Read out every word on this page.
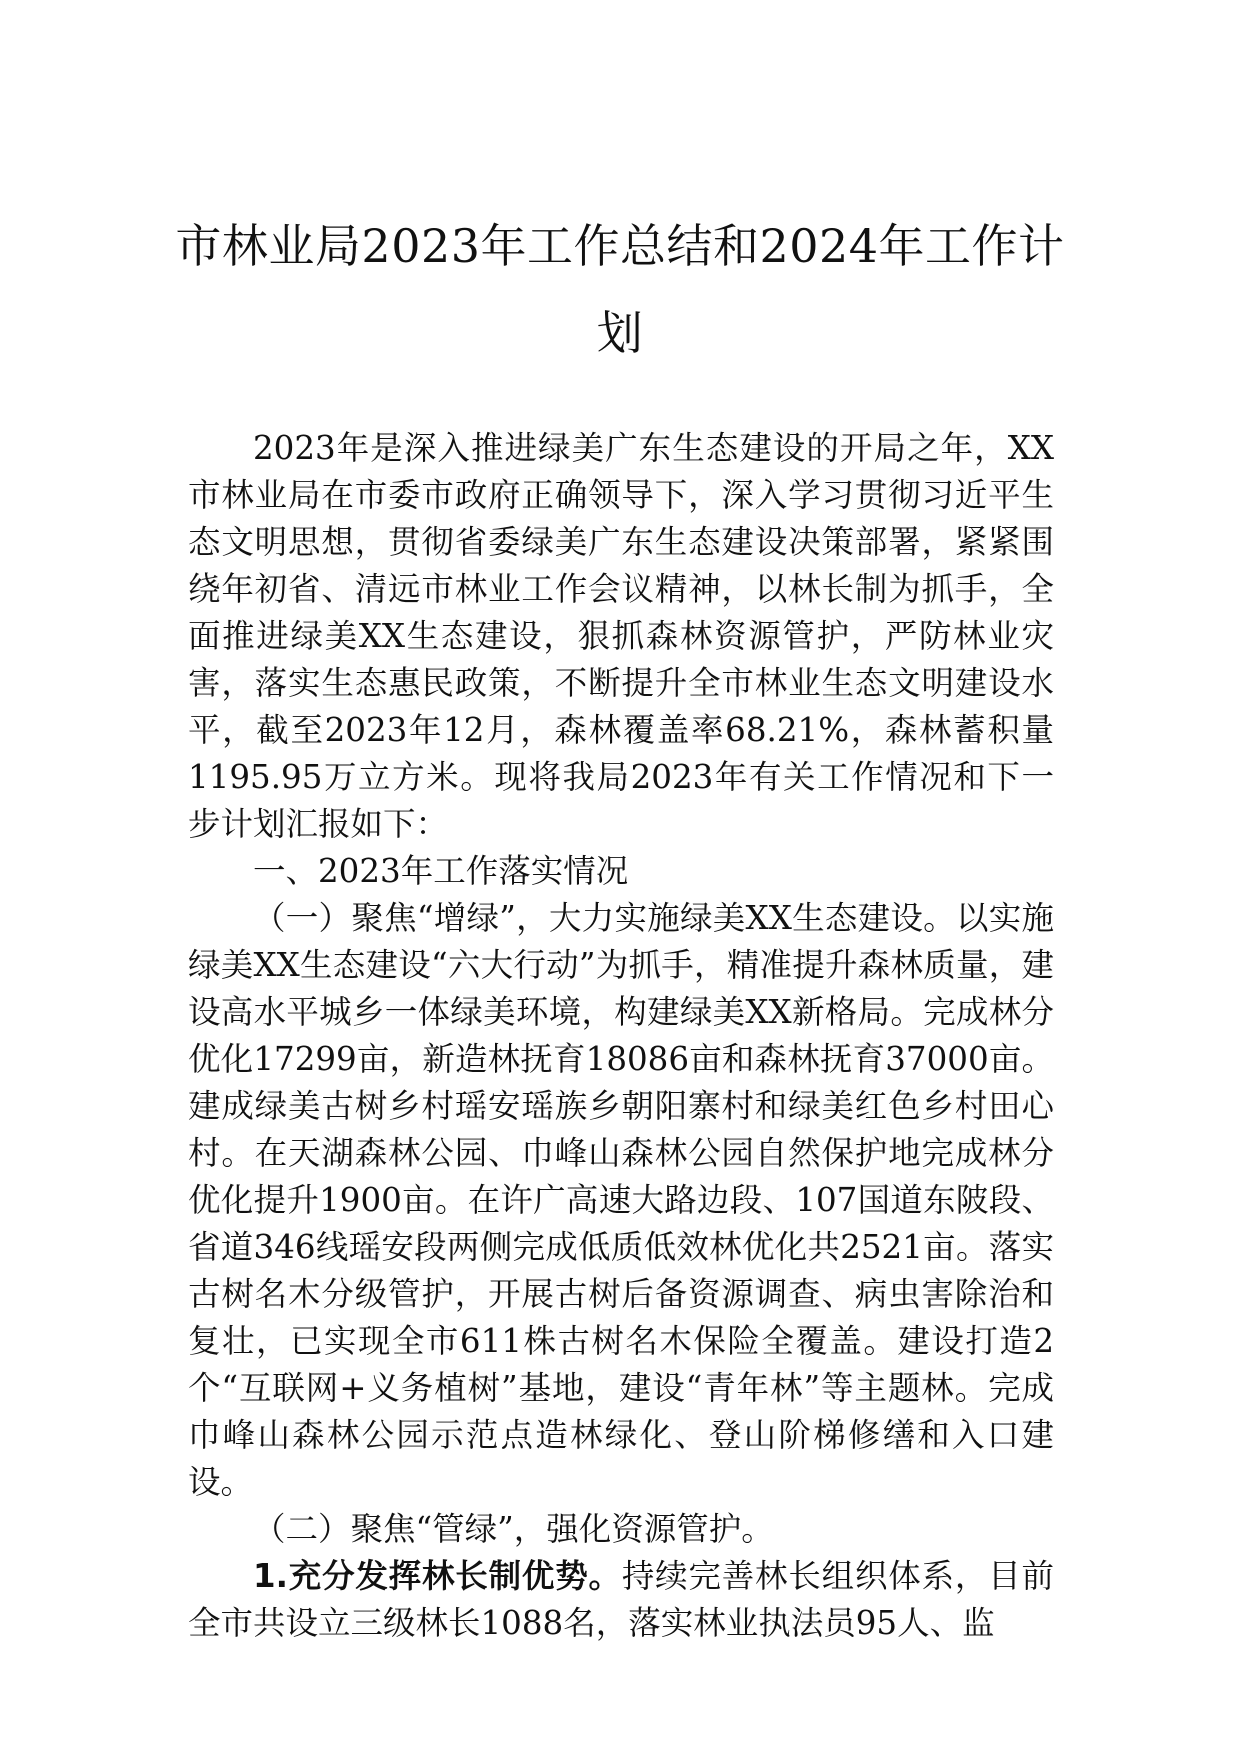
市林业局2023年工作总结和2024年工作计
划

2023年是深入推进绿美广东生态建设的开局之年，XX市林业局在市委市政府正确领导下，深入学习贯彻习近平生态文明思想，贯彻省委绿美广东生态建设决策部署，紧紧围绕年初省、清远市林业工作会议精神，以林长制为抓手，全面推进绿美XX生态建设，狠抓森林资源管护，严防林业灾害，落实生态惠民政策，不断提升全市林业生态文明建设水平，截至2023年12月，森林覆盖率68.21%，森林蓄积量1195.95万立方米。现将我局2023年有关工作情况和下一步计划汇报如下：

一、2023年工作落实情况

（一）聚焦“增绿”，大力实施绿美XX生态建设。以实施绿美XX生态建设“六大行动”为抓手，精准提升森林质量，建设高水平城乡一体绿美环境，构建绿美XX新格局。完成林分优化17299亩，新造林抚育18086亩和森林抚育37000亩。建成绿美古树乡村瑶安瑶族乡朝阳寨村和绿美红色乡村田心村。在天湖森林公园、巾峰山森林公园自然保护地完成林分优化提升1900亩。在许广高速大路边段、107国道东陂段、省道346线瑶安段两侧完成低质低效林优化共2521亩。落实古树名木分级管护，开展古树后备资源调查、病虫害除治和复壮，已实现全市611株古树名木保险全覆盖。建设打造2个“互联网+义务植树”基地，建设“青年林”等主题林。完成巾峰山森林公园示范点造林绿化、登山阶梯修缮和入口建设。

（二）聚焦“管绿”，强化资源管护。

1.充分发挥林长制优势。持续完善林长组织体系，目前全市共设立三级林长1088名，落实林业执法员95人、监
